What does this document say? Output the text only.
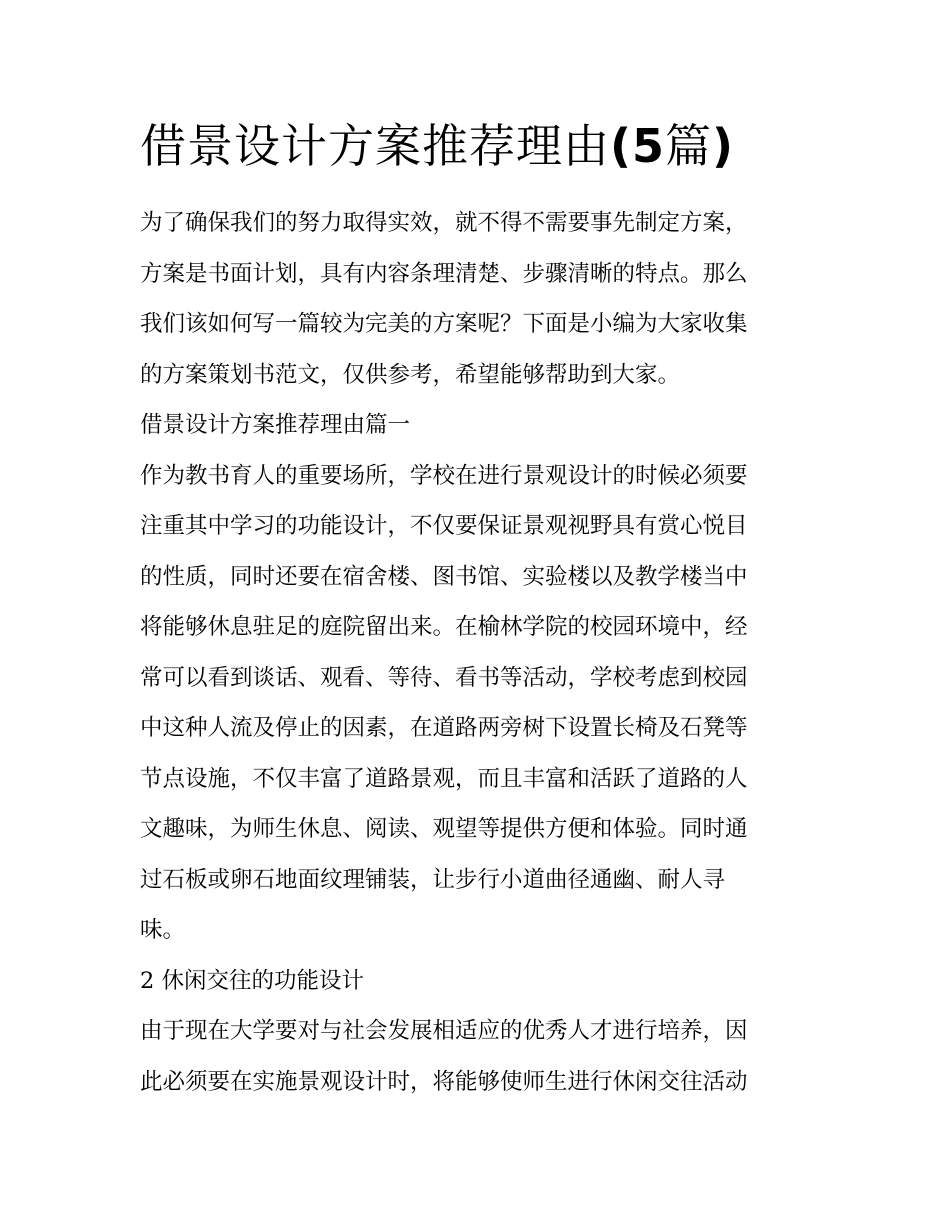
借景设计方案推荐理由(5篇)

为了确保我们的努力取得实效，就不得不需要事先制定方案，
方案是书面计划，具有内容条理清楚、步骤清晰的特点。那么
我们该如何写一篇较为完美的方案呢？下面是小编为大家收集
的方案策划书范文，仅供参考，希望能够帮助到大家。

借景设计方案推荐理由篇一

作为教书育人的重要场所，学校在进行景观设计的时候必须要
注重其中学习的功能设计，不仅要保证景观视野具有赏心悦目
的性质，同时还要在宿舍楼、图书馆、实验楼以及教学楼当中
将能够休息驻足的庭院留出来。在榆林学院的校园环境中，经
常可以看到谈话、观看、等待、看书等活动，学校考虑到校园
中这种人流及停止的因素，在道路两旁树下设置长椅及石凳等
节点设施，不仅丰富了道路景观，而且丰富和活跃了道路的人
文趣味，为师生休息、阅读、观望等提供方便和体验。同时通
过石板或卵石地面纹理铺装，让步行小道曲径通幽、耐人寻
味。

2 休闲交往的功能设计

由于现在大学要对与社会发展相适应的优秀人才进行培养，因
此必须要在实施景观设计时，将能够使师生进行休闲交往活动
